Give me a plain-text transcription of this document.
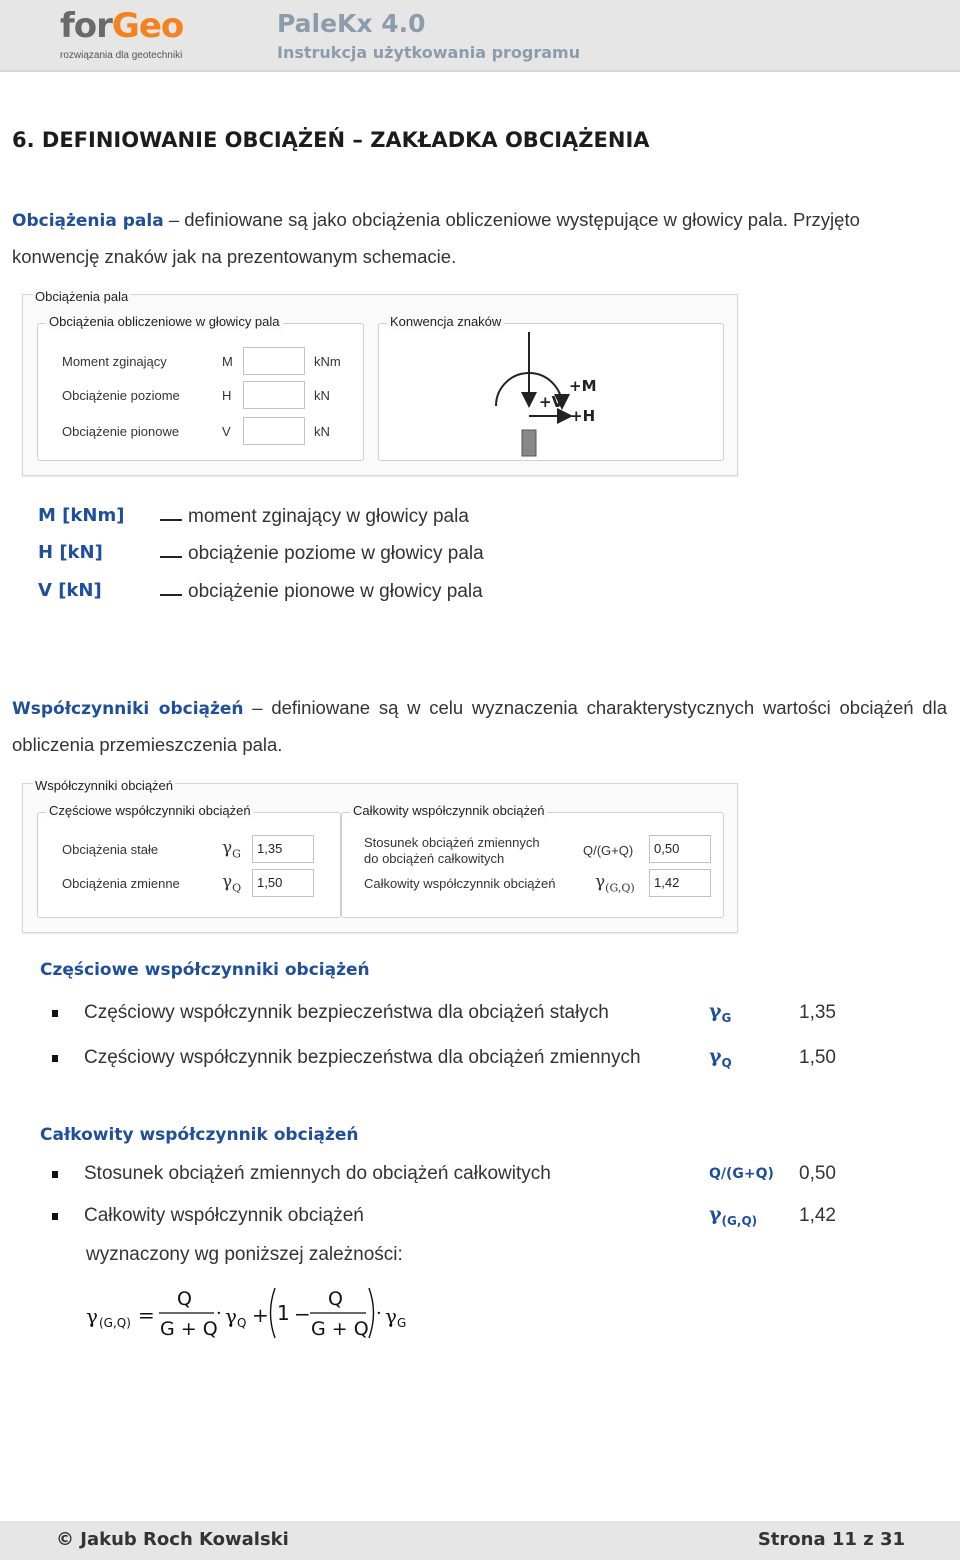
forGeo
rozwiązania dla geotechniki
PaleKx 4.0
Instrukcja użytkowania programu
6. DEFINIOWANIE OBCIĄŻEŃ – ZAKŁADKA OBCIĄŻENIA
Obciążenia pala – definiowane są jako obciążenia obliczeniowe występujące w głowicy pala. Przyjęto konwencję znaków jak na prezentowanym schemacie.
Obciążenia pala
Obciążenia obliczeniowe w głowicy pala
Moment zginający	M	kNm
Obciążenie poziome	H	kN
Obciążenie pionowe	V	kN
Konwencja znaków
+V
+M
+H
M [kNm]	moment zginający w głowicy pala
H [kN]	obciążenie poziome w głowicy pala
V [kN]	obciążenie pionowe w głowicy pala
Współczynniki obciążeń – definiowane są w celu wyznaczenia charakterystycznych wartości obciążeń dla obliczenia przemieszczenia pala.
Współczynniki obciążeń
Częściowe współczynniki obciążeń
Obciążenia stałe	$\gamma_G$	1,35
Obciążenia zmienne $\gamma_Q$	1,50
Całkowity współczynnik obciążeń
Stosunek obciążeń zmiennych
do obciążeń całkowitych
Q/(G+Q)	0,50
Całkowity współczynnik obciążeń $\gamma_{(G,Q)}$	1,42
Częściowe współczynniki obciążeń
Częściowy współczynnik bezpieczeństwa dla obciążeń stałych	$\gamma_G$	1,35
Częściowy współczynnik bezpieczeństwa dla obciążeń zmiennych	$\gamma_Q$	1,50
Całkowity współczynnik obciążeń
Stosunek obciążeń zmiennych do obciążeń całkowitych	Q/(G+Q) 0,50
Całkowity współczynnik obciążeń	$\gamma_{(G,Q)}$ 1,42
wyznaczony wg poniższej zależności:
γ (G,Q) =
Q
G + Q
· γ Q + 1 −
Q
G + Q
· γ G
© Jakub Roch Kowalski	Strona 11 z 31
